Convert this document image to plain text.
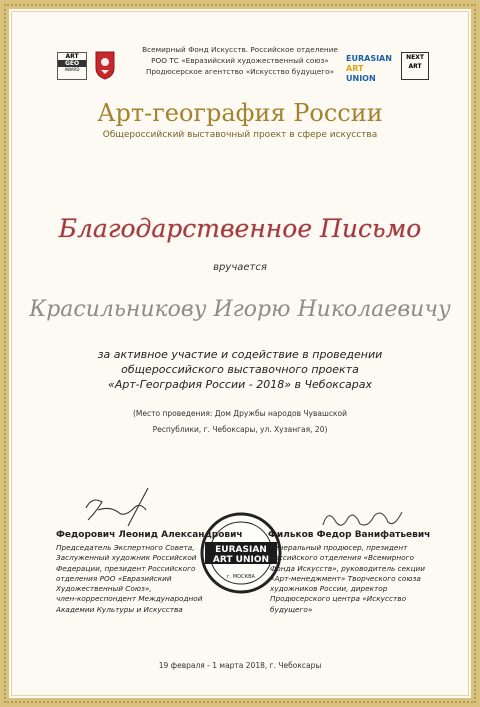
ART
GEO
AWARD
Всемирный Фонд Искусств. Российское отделение
РОО ТС «Евразийский художественный союз»
Продюсерское агентство «Искусство будущего»
EURASIAN
ART UNION
NEXT
ART
Арт-география России
Общероссийский выставочный проект в сфере искусства
Благодарственное Письмо
вручается
Красильникову Игорю Николаевичу
за активное участие и содействие в проведении
общероссийского выставочного проекта
«Арт-География России - 2018» в Чебоксарах
(Место проведения: Дом Дружбы народов Чувашской
Республики, г. Чебоксары, ул. Хузангая, 20)
EURASIAN
ART UNION
г. МОСКВА
Федорович Леонид Александрович
Председатель Экспертного Совета,
Заслуженный художник Российской
Федерации, президент Российского
отделения РОО «Евразийский
Художественный Союз»,
член-корреспондент Международной
Академии Культуры и Искусства
Фильков Федор Ванифатьевич
Генеральный продюсер, президент
Российского отделения «Всемирного
Фонда Искусств», руководитель секции
«Арт-менеджмент» Творческого союза
художников России, директор
Продюсерского центра «Искусство
будущего»
19 февраля - 1 марта 2018, г. Чебоксары
